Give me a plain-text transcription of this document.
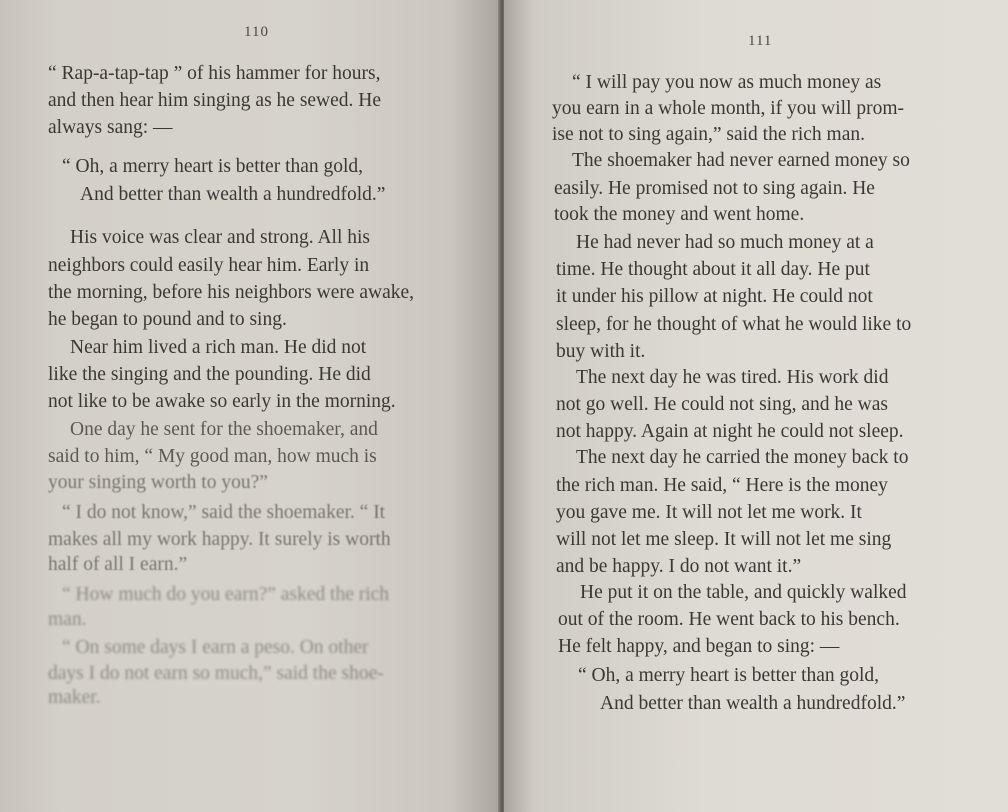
110
“ Rap-a-tap-tap ” of his hammer for hours,
and then hear him singing as he sewed. He
always sang: —
“ Oh, a merry heart is better than gold,
And better than wealth a hundredfold.”
His voice was clear and strong. All his
neighbors could easily hear him. Early in
the morning, before his neighbors were awake,
he began to pound and to sing.
Near him lived a rich man. He did not
like the singing and the pounding. He did
not like to be awake so early in the morning.
One day he sent for the shoemaker, and
said to him, “ My good man, how much is
your singing worth to you?”
“ I do not know,” said the shoemaker. “ It
makes all my work happy. It surely is worth
half of all I earn.”
“ How much do you earn?” asked the rich
man.
“ On some days I earn a peso. On other
days I do not earn so much,” said the shoe-
maker.
111
“ I will pay you now as much money as
you earn in a whole month, if you will prom-
ise not to sing again,” said the rich man.
The shoemaker had never earned money so
easily. He promised not to sing again. He
took the money and went home.
He had never had so much money at a
time. He thought about it all day. He put
it under his pillow at night. He could not
sleep, for he thought of what he would like to
buy with it.
The next day he was tired. His work did
not go well. He could not sing, and he was
not happy. Again at night he could not sleep.
The next day he carried the money back to
the rich man. He said, “ Here is the money
you gave me. It will not let me work. It
will not let me sleep. It will not let me sing
and be happy. I do not want it.”
He put it on the table, and quickly walked
out of the room. He went back to his bench.
He felt happy, and began to sing: —
“ Oh, a merry heart is better than gold,
And better than wealth a hundredfold.”
